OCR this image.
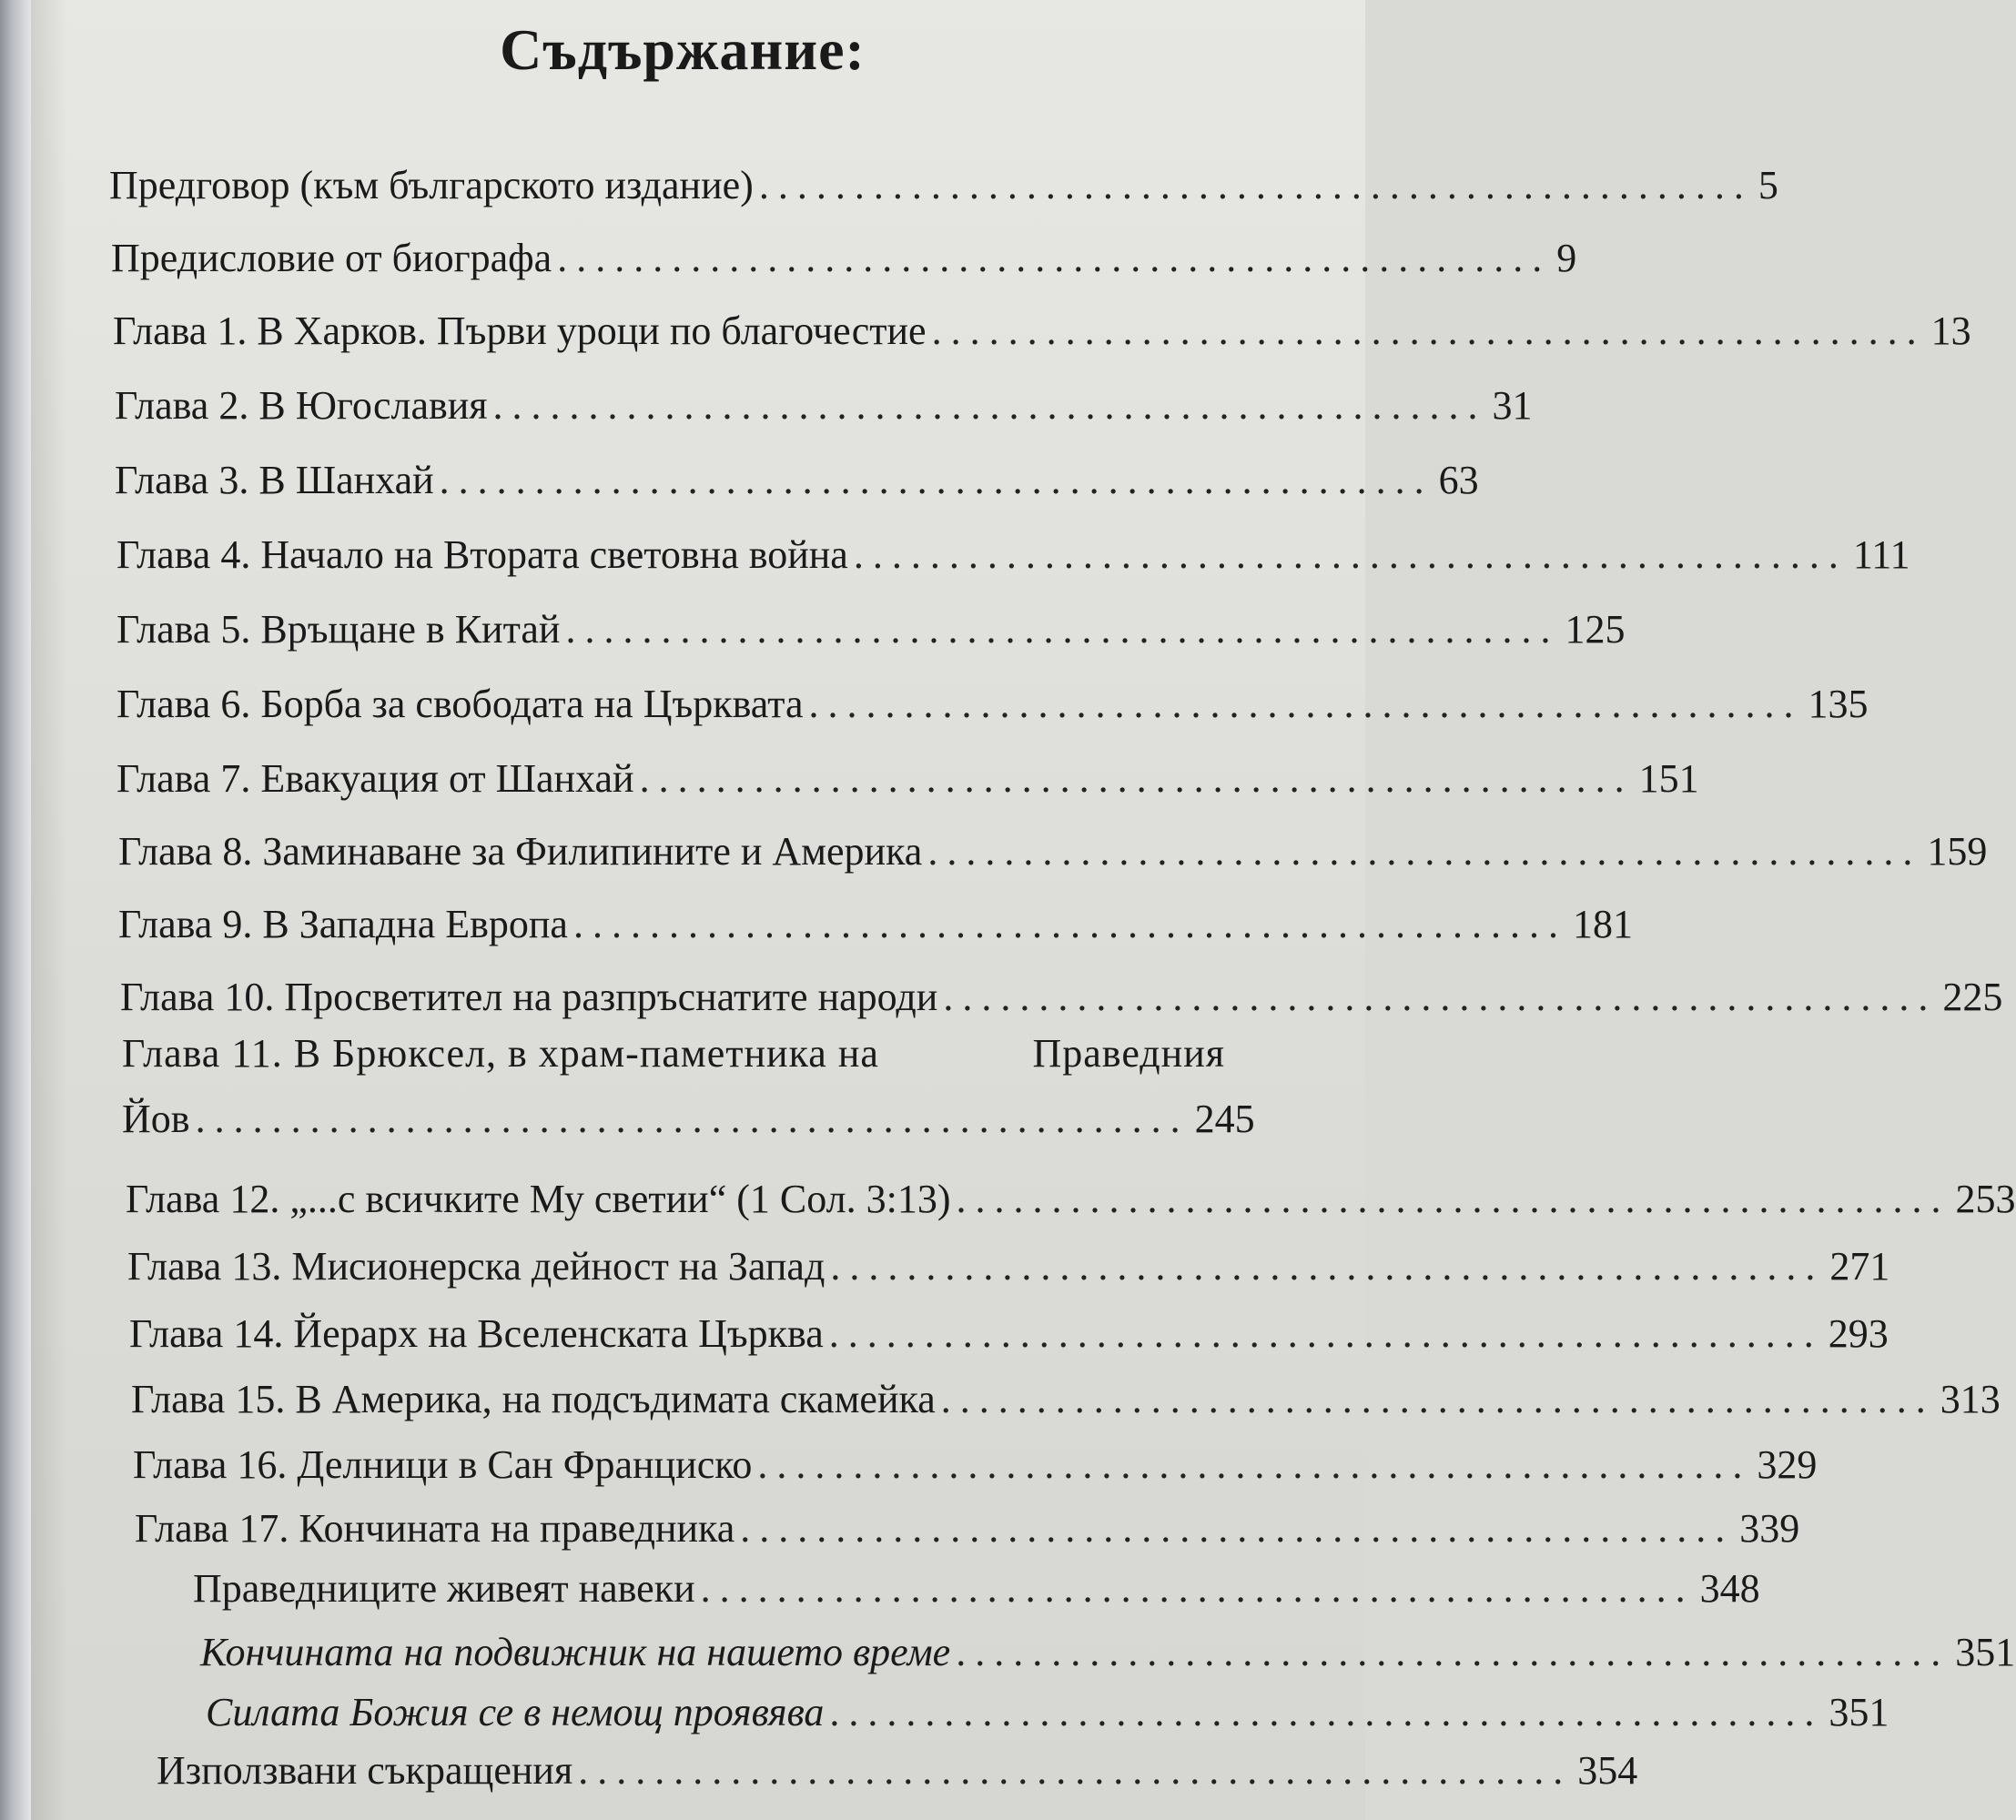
Съдържание:
Предговор (към българското издание) .................................................... 5
Предисловие от биографа .................................................... 9
Глава 1. В Харков. Първи уроци по благочестие .................................................... 13
Глава 2. В Югославия .................................................... 31
Глава 3. В Шанхай .................................................... 63
Глава 4. Начало на Втората световна война .................................................... 111
Глава 5. Връщане в Китай .................................................... 125
Глава 6. Борба за свободата на Църквата .................................................... 135
Глава 7. Евакуация от Шанхай .................................................... 151
Глава 8. Заминаване за Филипините и Америка .................................................... 159
Глава 9. В Западна Европа .................................................... 181
Глава 10. Просветител на разпръснатите народи .................................................... 225
Глава 11. В Брюксел, в храм-паметника на	Праведния
Йов .................................................... 245
Глава 12. „...с всичките Му светии“ (1 Сол. 3:13) .................................................... 253
Глава 13. Мисионерска дейност на Запад .................................................... 271
Глава 14. Йерарх на Вселенската Църква .................................................... 293
Глава 15. В Америка, на подсъдимата скамейка .................................................... 313
Глава 16. Делници в Сан Франциско .................................................... 329
Глава 17. Кончината на праведника .................................................... 339
Праведниците живеят навеки .................................................... 348
Кончината на подвижник на нашето време .................................................... 351
Силата Божия се в немощ проявява .................................................... 351
Използвани съкращения .................................................... 354
